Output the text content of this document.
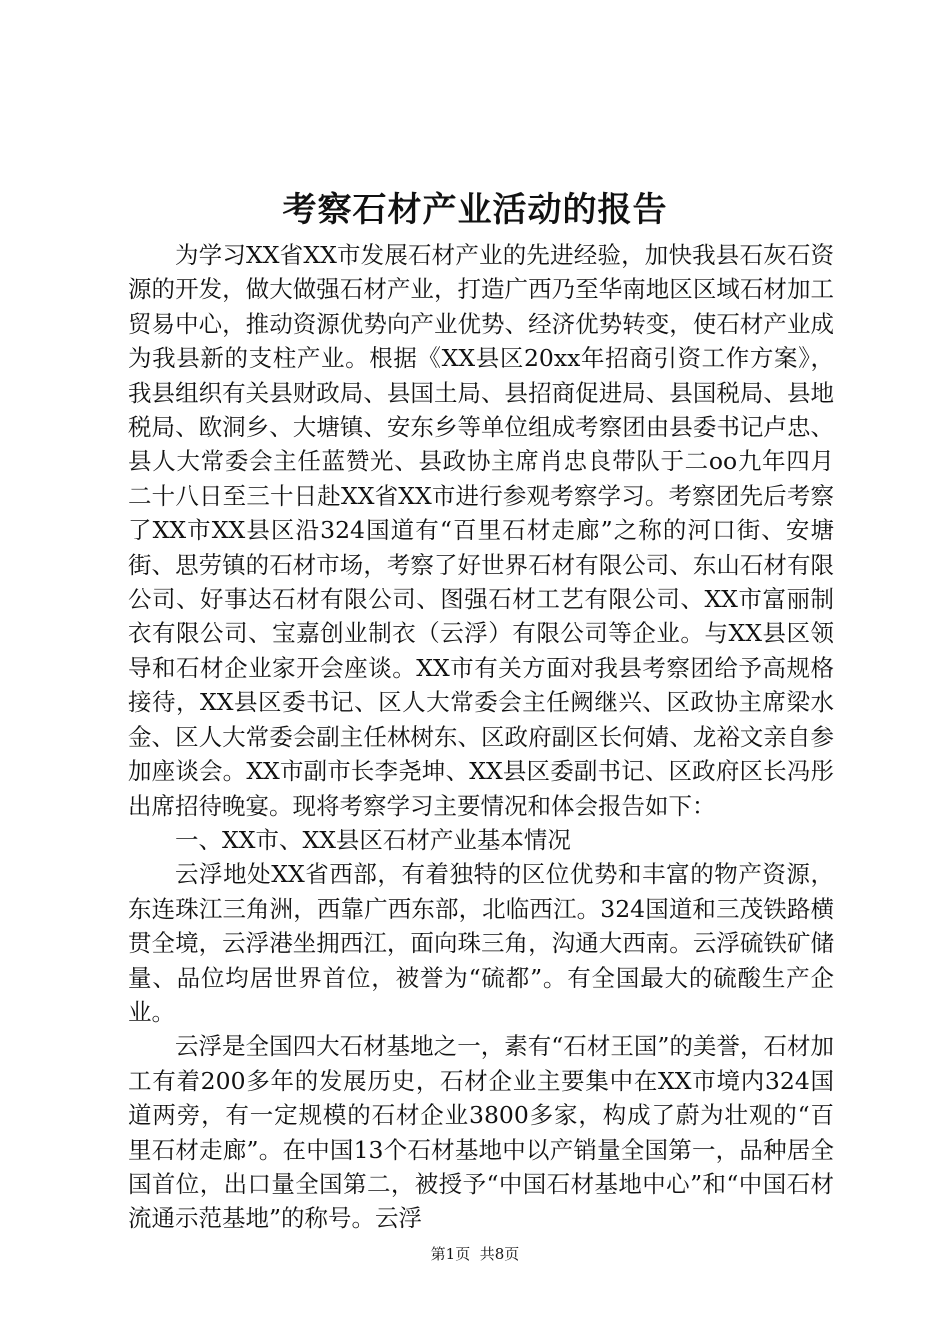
考察石材产业活动的报告

为学习XX省XX市发展石材产业的先进经验，加快我县石灰石资源的开发，做大做强石材产业，打造广西乃至华南地区区域石材加工贸易中心，推动资源优势向产业优势、经济优势转变，使石材产业成为我县新的支柱产业。根据《XX县区20xx年招商引资工作方案》，我县组织有关县财政局、县国土局、县招商促进局、县国税局、县地税局、欧洞乡、大塘镇、安东乡等单位组成考察团由县委书记卢忠、县人大常委会主任蓝赞光、县政协主席肖忠良带队于二oo九年四月二十八日至三十日赴XX省XX市进行参观考察学习。考察团先后考察了XX市XX县区沿324国道有“百里石材走廊”之称的河口街、安塘街、思劳镇的石材市场，考察了好世界石材有限公司、东山石材有限公司、好事达石材有限公司、图强石材工艺有限公司、XX市富丽制衣有限公司、宝嘉创业制衣（云浮）有限公司等企业。与XX县区领导和石材企业家开会座谈。XX市有关方面对我县考察团给予高规格接待，XX县区委书记、区人大常委会主任阙继兴、区政协主席梁水金、区人大常委会副主任林树东、区政府副区长何婧、龙裕文亲自参加座谈会。XX市副市长李尧坤、XX县区委副书记、区政府区长冯彤出席招待晚宴。现将考察学习主要情况和体会报告如下：

一、XX市、XX县区石材产业基本情况

云浮地处XX省西部，有着独特的区位优势和丰富的物产资源，东连珠江三角洲，西靠广西东部，北临西江。324国道和三茂铁路横贯全境，云浮港坐拥西江，面向珠三角，沟通大西南。云浮硫铁矿储量、品位均居世界首位，被誉为“硫都”。有全国最大的硫酸生产企业。

云浮是全国四大石材基地之一，素有“石材王国”的美誉，石材加工有着200多年的发展历史，石材企业主要集中在XX市境内324国道两旁，有一定规模的石材企业3800多家，构成了蔚为壮观的“百里石材走廊”。在中国13个石材基地中以产销量全国第一，品种居全国首位，出口量全国第二，被授予“中国石材基地中心”和“中国石材流通示范基地”的称号。云浮

第1页 共8页
